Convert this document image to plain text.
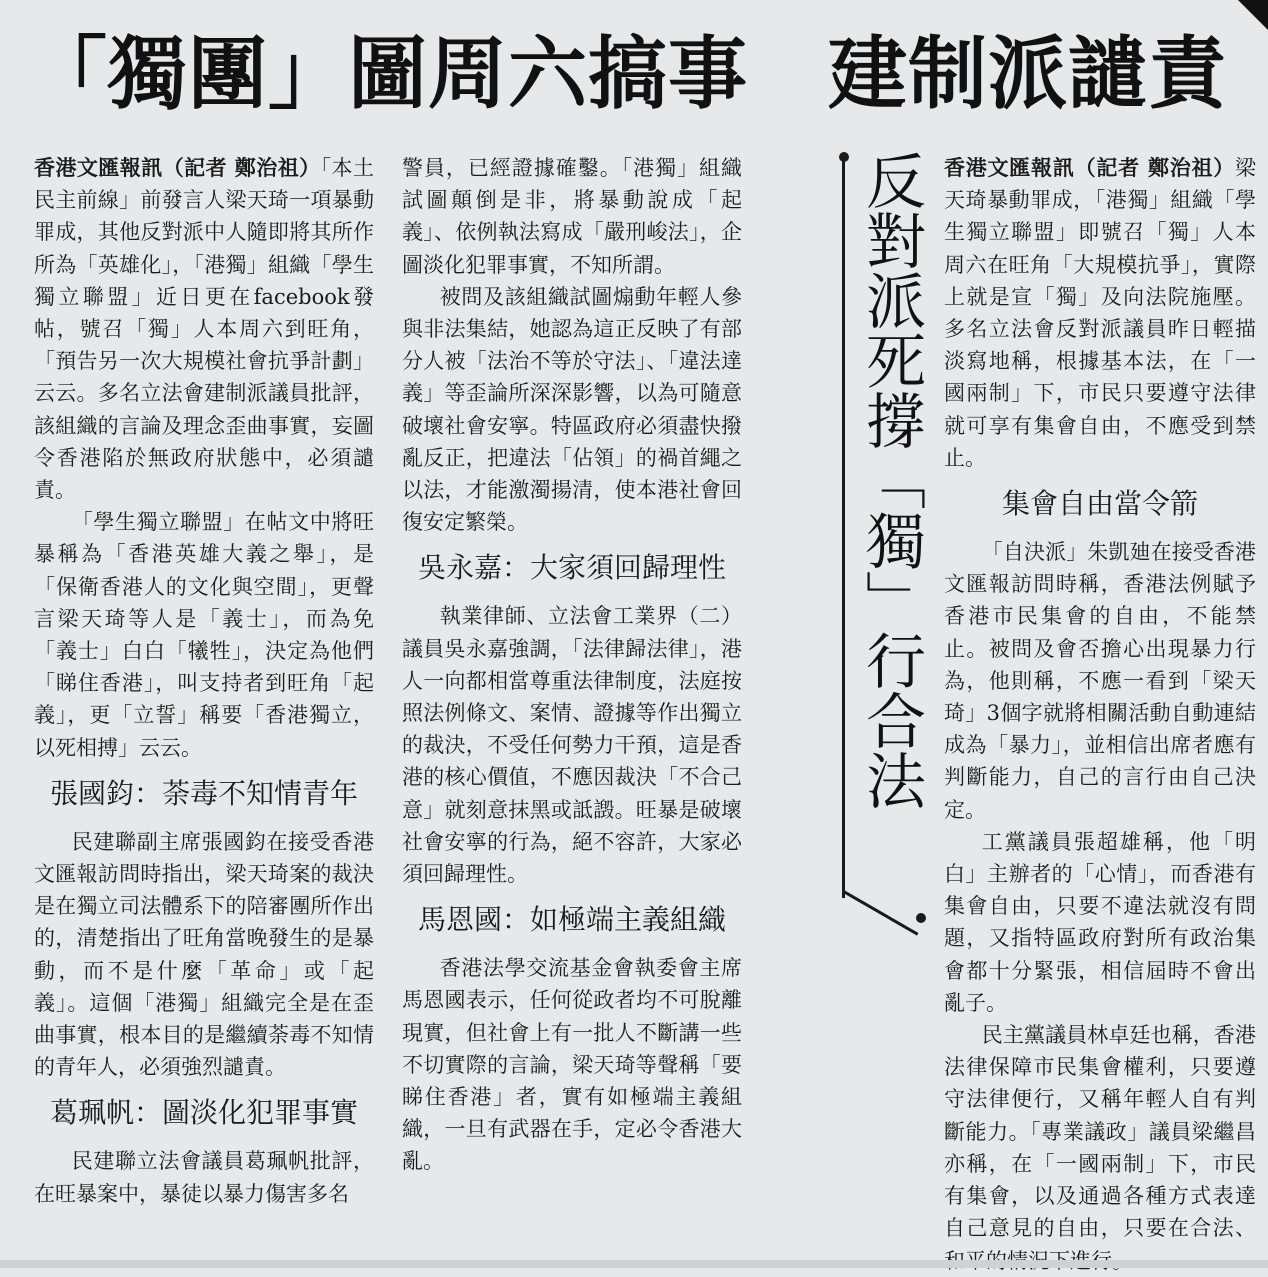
「獨團」圖周六搞事　建制派譴責

香港文匯報訊（記者 鄭治祖）「本土民主前線」前發言人梁天琦一項暴動罪成，其他反對派中人隨即將其所作所為「英雄化」，「港獨」組織「學生獨立聯盟」近日更在facebook發帖，號召「獨」人本周六到旺角，「預告另一次大規模社會抗爭計劃」云云。多名立法會建制派議員批評，該組織的言論及理念歪曲事實，妄圖令香港陷於無政府狀態中，必須譴責。

「學生獨立聯盟」在帖文中將旺暴稱為「香港英雄大義之舉」，是「保衛香港人的文化與空間」，更聲言梁天琦等人是「義士」，而為免「義士」白白「犧牲」，決定為他們「睇住香港」，叫支持者到旺角「起義」，更「立誓」稱要「香港獨立，以死相搏」云云。

張國鈞：荼毒不知情青年

民建聯副主席張國鈞在接受香港文匯報訪問時指出，梁天琦案的裁決是在獨立司法體系下的陪審團所作出的，清楚指出了旺角當晚發生的是暴動，而不是什麼「革命」或「起義」。這個「港獨」組織完全是在歪曲事實，根本目的是繼續荼毒不知情的青年人，必須強烈譴責。

葛珮帆：圖淡化犯罪事實

民建聯立法會議員葛珮帆批評，在旺暴案中，暴徒以暴力傷害多名

警員，已經證據確鑿。「港獨」組織試圖顛倒是非，將暴動說成「起義」、依例執法寫成「嚴刑峻法」，企圖淡化犯罪事實，不知所謂。

被問及該組織試圖煽動年輕人參與非法集結，她認為這正反映了有部分人被「法治不等於守法」、「違法達義」等歪論所深深影響，以為可隨意破壞社會安寧。特區政府必須盡快撥亂反正，把違法「佔領」的禍首繩之以法，才能激濁揚清，使本港社會回復安定繁榮。

吳永嘉：大家須回歸理性

執業律師、立法會工業界（二）議員吳永嘉強調，「法律歸法律」，港人一向都相當尊重法律制度，法庭按照法例條文、案情、證據等作出獨立的裁決，不受任何勢力干預，這是香港的核心價值，不應因裁決「不合己意」就刻意抹黑或詆譭。旺暴是破壞社會安寧的行為，絕不容許，大家必須回歸理性。

馬恩國：如極端主義組織

香港法學交流基金會執委會主席馬恩國表示，任何從政者均不可脫離現實，但社會上有一批人不斷講一些不切實際的言論，梁天琦等聲稱「要睇住香港」者，實有如極端主義組織，一旦有武器在手，定必令香港大亂。

反對派死撐「獨」行合法 香港文匯報訊（記者 鄭治祖）梁天琦暴動罪成，「港獨」組織「學生獨立聯盟」即號召「獨」人本周六在旺角「大規模抗爭」，實際上就是宣「獨」及向法院施壓。多名立法會反對派議員昨日輕描淡寫地稱，根據基本法，在「一國兩制」下，市民只要遵守法律就可享有集會自由，不應受到禁止。

集會自由當令箭

「自決派」朱凱廸在接受香港文匯報訪問時稱，香港法例賦予香港市民集會的自由，不能禁止。被問及會否擔心出現暴力行為，他則稱，不應一看到「梁天琦」3個字就將相關活動自動連結成為「暴力」，並相信出席者應有判斷能力，自己的言行由自己決定。

工黨議員張超雄稱，他「明白」主辦者的「心情」，而香港有集會自由，只要不違法就沒有問題，又指特區政府對所有政治集會都十分緊張，相信屆時不會出亂子。

民主黨議員林卓廷也稱，香港法律保障市民集會權利，只要遵守法律便行，又稱年輕人自有判斷能力。「專業議政」議員梁繼昌亦稱，在「一國兩制」下，市民有集會，以及通過各種方式表達自己意見的自由，只要在合法、
